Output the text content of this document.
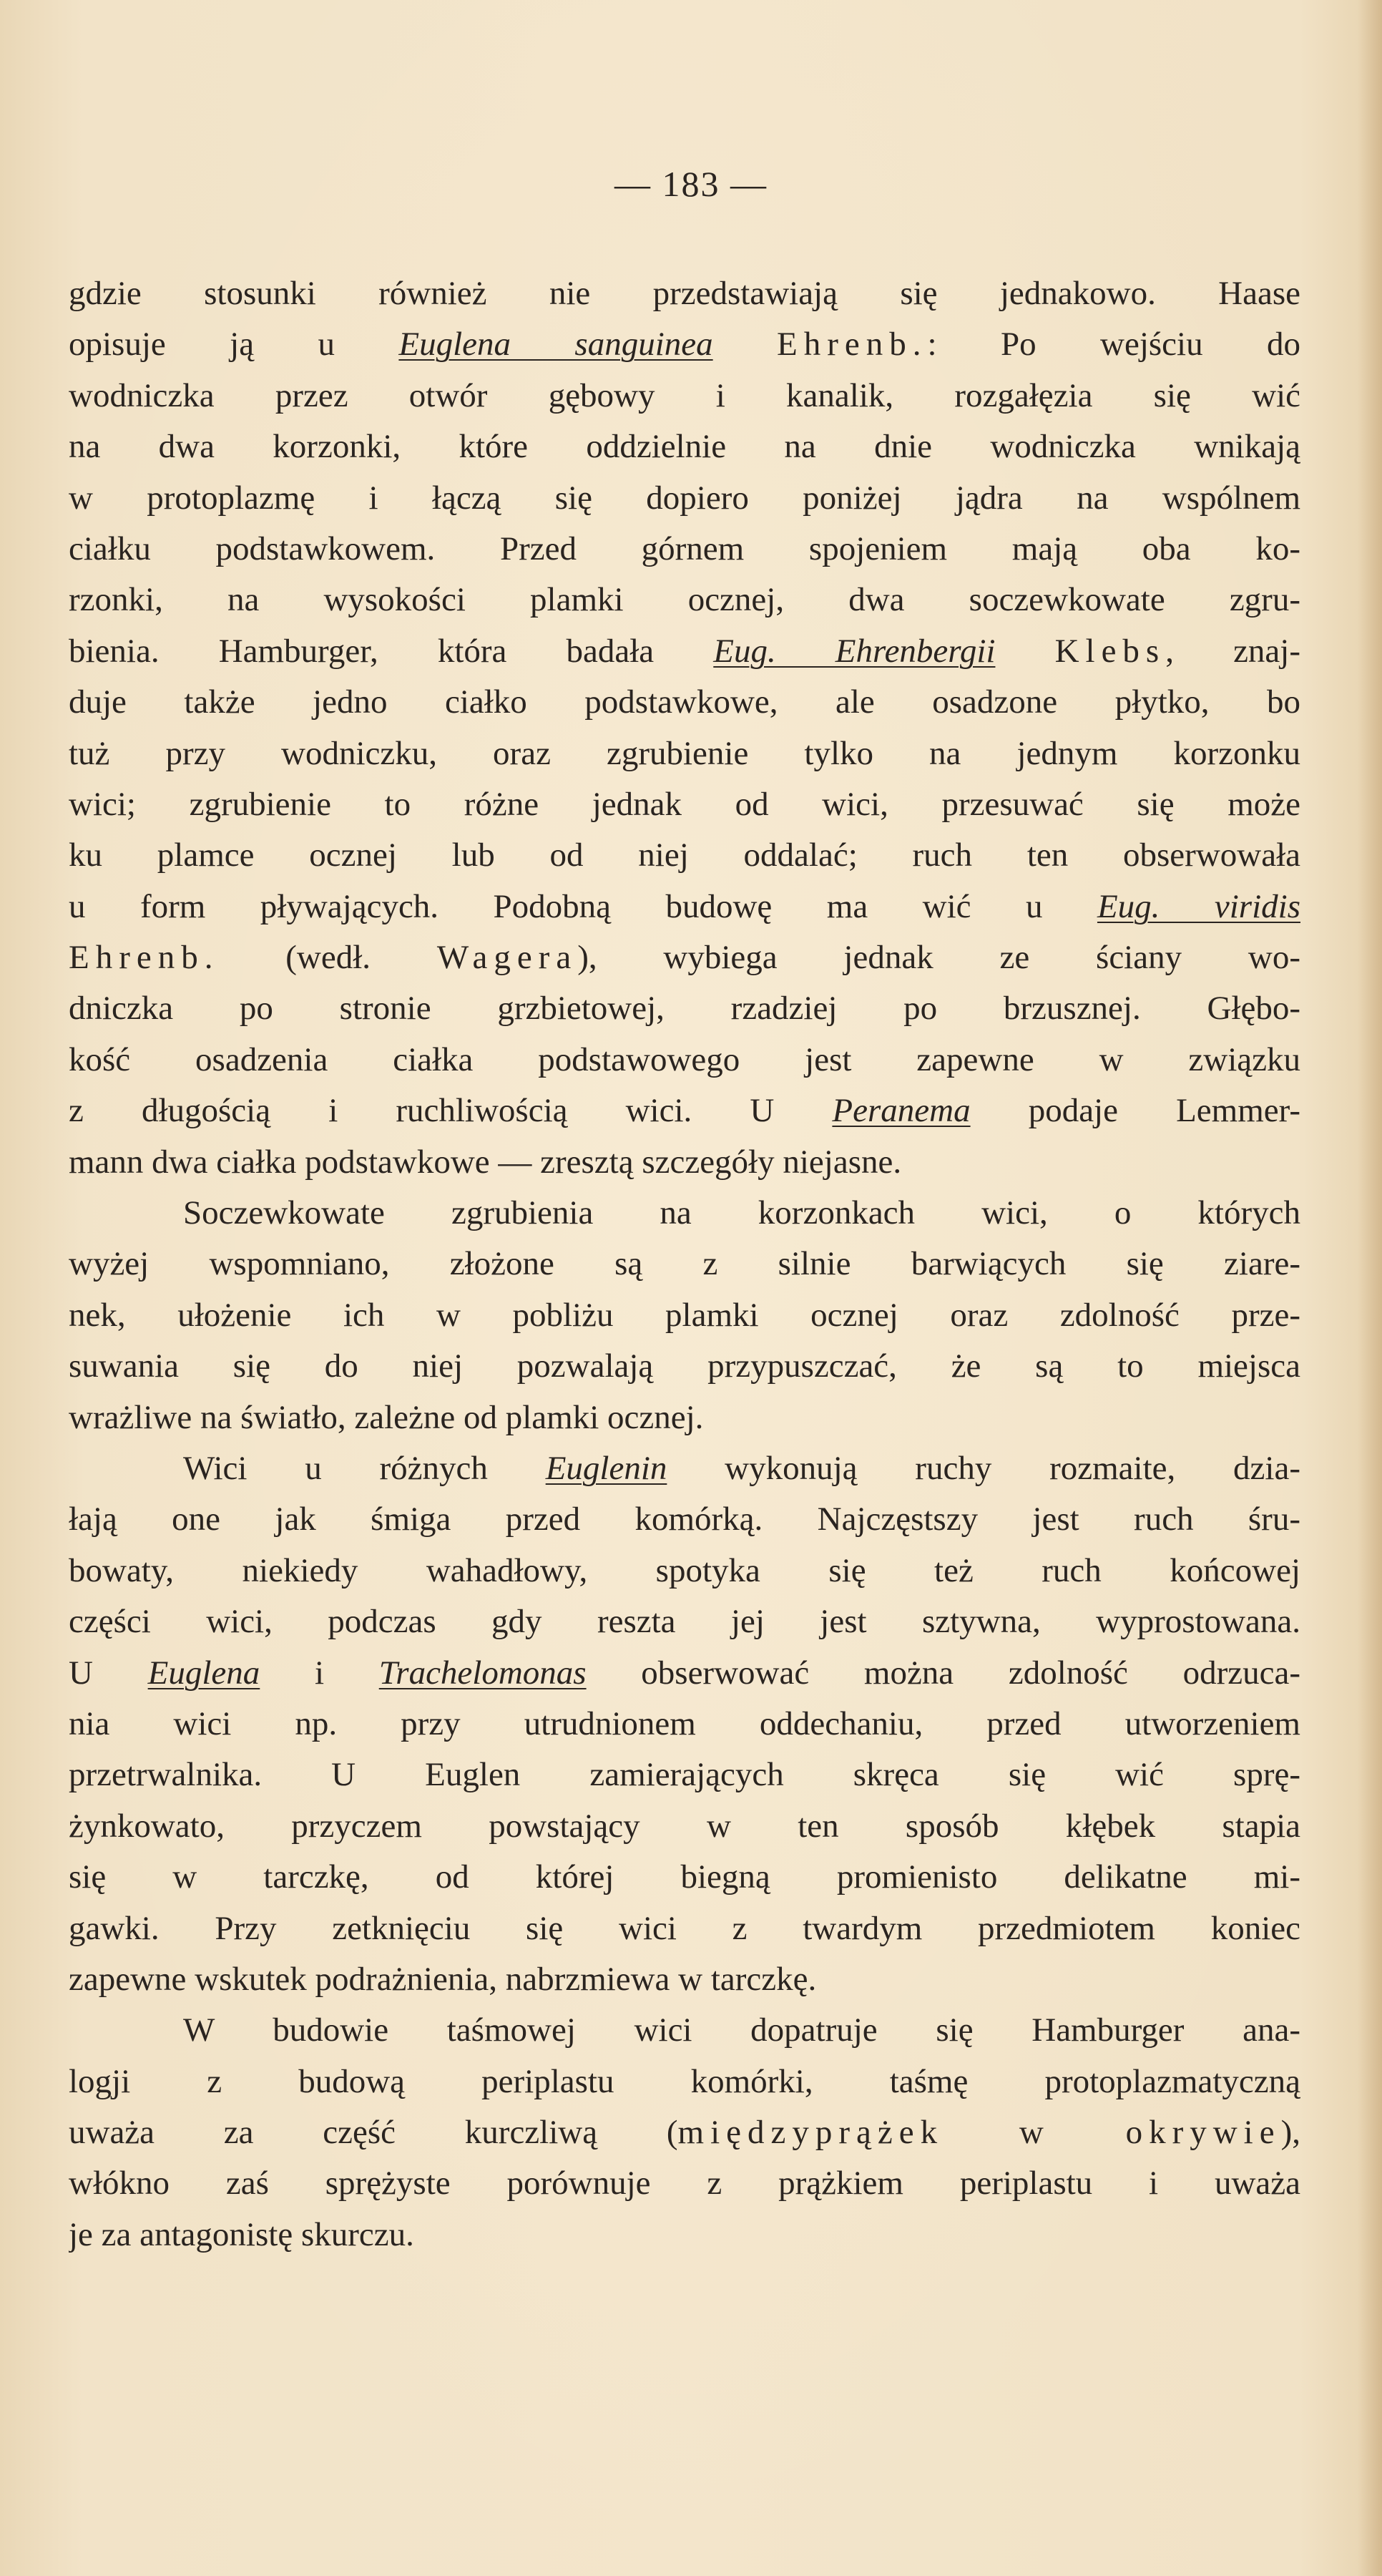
— 183 —
gdzie stosunki również nie przedstawiają się jednakowo. Haase
opisuje ją u Euglena sanguinea Ehrenb.: Po wejściu do
wodniczka przez otwór gębowy i kanalik, rozgałęzia się wić
na dwa korzonki, które oddzielnie na dnie wodniczka wnikają
w protoplazmę i łączą się dopiero poniżej jądra na wspólnem
ciałku podstawkowem. Przed górnem spojeniem mają oba ko-
rzonki, na wysokości plamki ocznej, dwa soczewkowate zgru-
bienia. Hamburger, która badała Eug. Ehrenbergii Klebs, znaj-
duje także jedno ciałko podstawkowe, ale osadzone płytko, bo
tuż przy wodniczku, oraz zgrubienie tylko na jednym korzonku
wici; zgrubienie to różne jednak od wici, przesuwać się może
ku plamce ocznej lub od niej oddalać; ruch ten obserwowała
u form pływających. Podobną budowę ma wić u Eug. viridis
Ehrenb. (wedł. Wagera), wybiega jednak ze ściany wo-
dniczka po stronie grzbietowej, rzadziej po brzusznej. Głębo-
kość osadzenia ciałka podstawowego jest zapewne w związku
z długością i ruchliwością wici. U Peranema podaje Lemmer-
mann dwa ciałka podstawkowe — zresztą szczegóły niejasne.
Soczewkowate zgrubienia na korzonkach wici, o których
wyżej wspomniano, złożone są z silnie barwiących się ziare-
nek, ułożenie ich w pobliżu plamki ocznej oraz zdolność prze-
suwania się do niej pozwalają przypuszczać, że są to miejsca
wrażliwe na światło, zależne od plamki ocznej.
Wici u różnych Euglenin wykonują ruchy rozmaite, dzia-
łają one jak śmiga przed komórką. Najczęstszy jest ruch śru-
bowaty, niekiedy wahadłowy, spotyka się też ruch końcowej
części wici, podczas gdy reszta jej jest sztywna, wyprostowana.
U Euglena i Trachelomonas obserwować można zdolność odrzuca-
nia wici np. przy utrudnionem oddechaniu, przed utworzeniem
przetrwalnika. U Euglen zamierających skręca się wić sprę-
żynkowato, przyczem powstający w ten sposób kłębek stapia
się w tarczkę, od której biegną promienisto delikatne mi-
gawki. Przy zetknięciu się wici z twardym przedmiotem koniec
zapewne wskutek podrażnienia, nabrzmiewa w tarczkę.
W budowie taśmowej wici dopatruje się Hamburger ana-
logji z budową periplastu komórki, taśmę protoplazmatyczną
uważa za część kurczliwą (międzyprążek w okrywie),
włókno zaś sprężyste porównuje z prążkiem periplastu i uważa
je za antagonistę skurczu.
